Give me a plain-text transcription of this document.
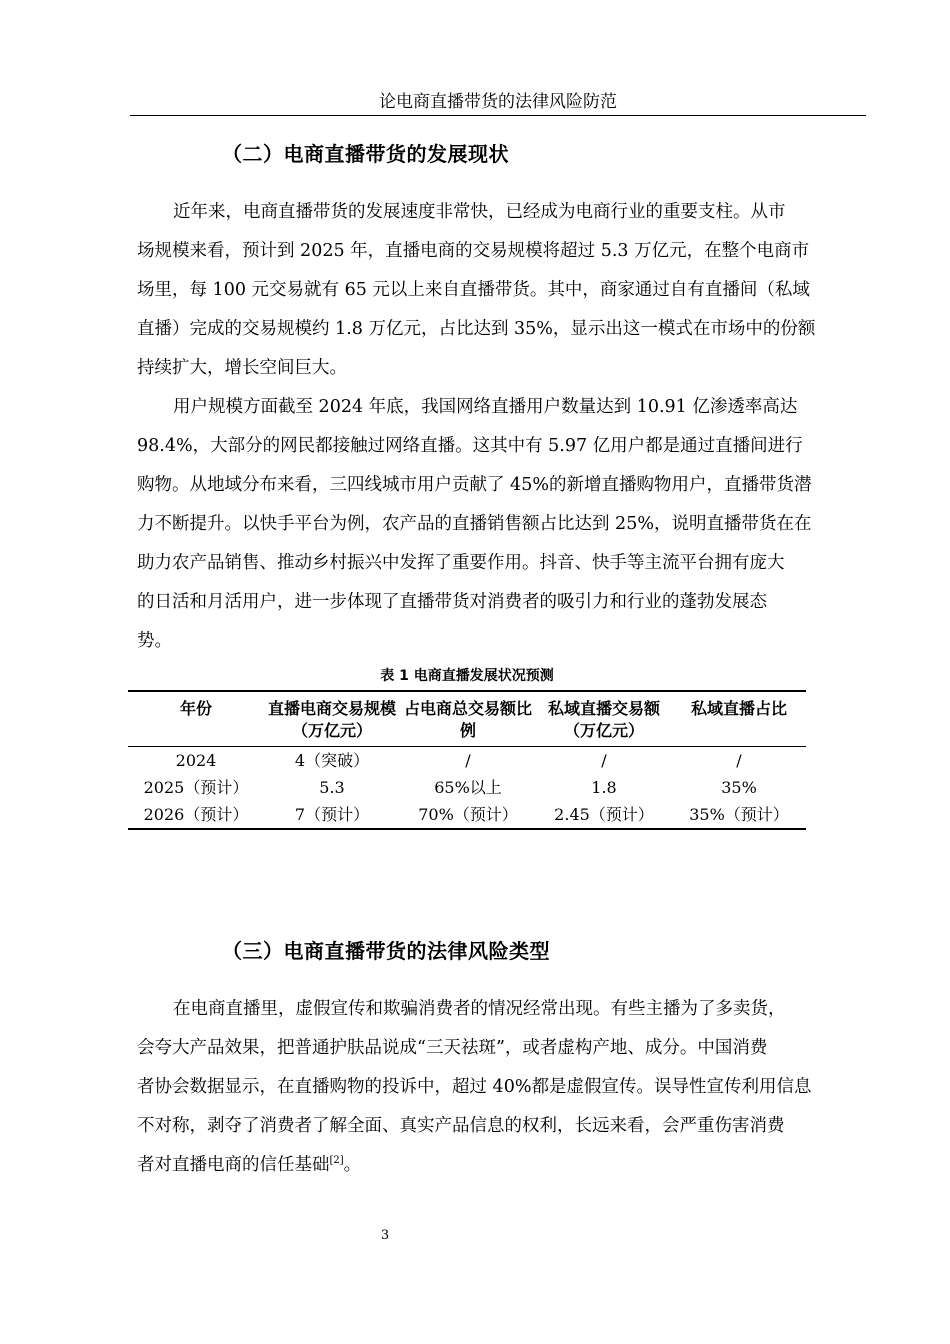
论电商直播带货的法律风险防范
（二）电商直播带货的发展现状
近年来，电商直播带货的发展速度非常快，已经成为电商行业的重要支柱。从市
场规模来看，预计到 2025 年，直播电商的交易规模将超过 5.3 万亿元，在整个电商市
场里，每 100 元交易就有 65 元以上来自直播带货。其中，商家通过自有直播间（私域
直播）完成的交易规模约 1.8 万亿元，占比达到 35%，显示出这一模式在市场中的份额
持续扩大，增长空间巨大。
用户规模方面截至 2024 年底，我国网络直播用户数量达到 10.91 亿渗透率高达
98.4%，大部分的网民都接触过网络直播。这其中有 5.97 亿用户都是通过直播间进行
购物。从地域分布来看，三四线城市用户贡献了 45%的新增直播购物用户，直播带货潜
力不断提升。以快手平台为例，农产品的直播销售额占比达到 25%，说明直播带货在在
助力农产品销售、推动乡村振兴中发挥了重要作用。抖音、快手等主流平台拥有庞大
的日活和月活用户，进一步体现了直播带货对消费者的吸引力和行业的蓬勃发展态
势。
表 1 电商直播发展状况预测
年份	直播电商交易规模（万亿元）	占电商总交易额比例	私域直播交易额（万亿元）	私域直播占比
2024	4（突破）	/	/	/
2025（预计）	5.3	65%以上	1.8	35%
2026（预计）	7（预计）	70%（预计）	2.45（预计）	35%（预计）
（三）电商直播带货的法律风险类型
在电商直播里，虚假宣传和欺骗消费者的情况经常出现。有些主播为了多卖货，
会夸大产品效果，把普通护肤品说成“三天祛斑”，或者虚构产地、成分。中国消费
者协会数据显示，在直播购物的投诉中，超过 40%都是虚假宣传。误导性宣传利用信息
不对称，剥夺了消费者了解全面、真实产品信息的权利，长远来看，会严重伤害消费
者对直播电商的信任基础[2]。
3
